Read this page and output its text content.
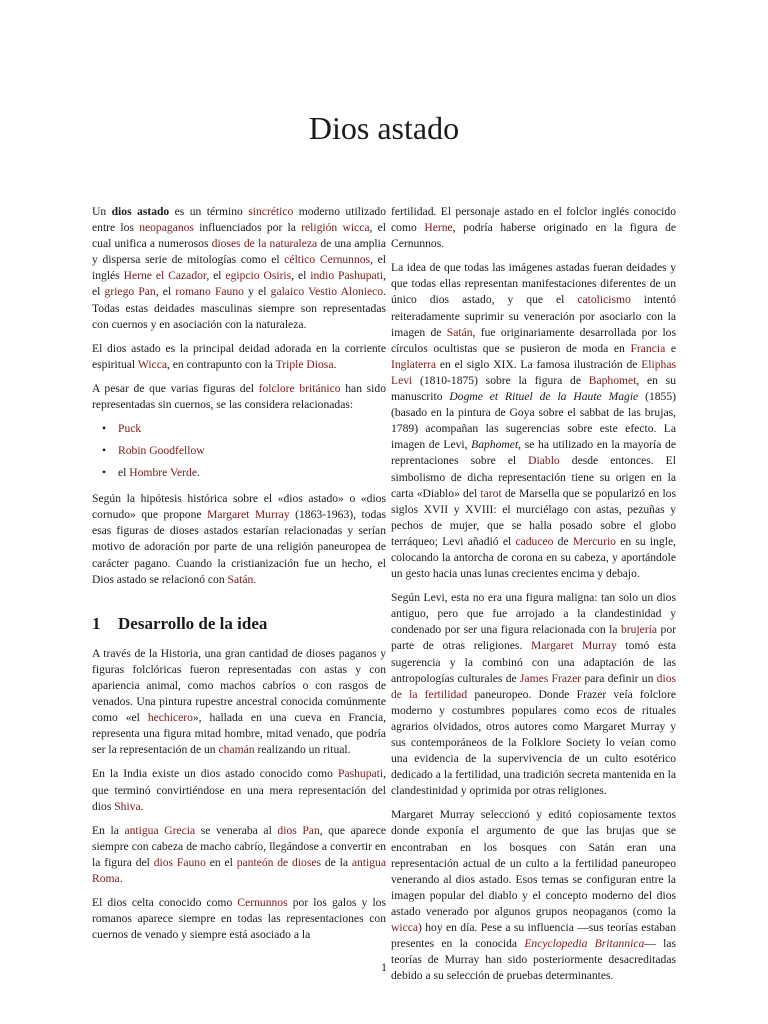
Dios astado

Un dios astado es un término sincrético moderno utilizado entre los neopaganos influenciados por la religión wicca, el cual unifica a numerosos dioses de la naturaleza de una amplia y dispersa serie de mitologías como el céltico Cernunnos, el inglés Herne el Cazador, el egipcio Osiris, el indio Pashupati, el griego Pan, el romano Fauno y el galaico Vestio Alonieco. Todas estas deidades masculinas siempre son representadas con cuernos y en asociación con la naturaleza.

El dios astado es la principal deidad adorada en la corriente espiritual Wicca, en contrapunto con la Triple Diosa.

A pesar de que varias figuras del folclore británico han sido representadas sin cuernos, se las considera relacionadas:

• Puck
• Robin Goodfellow
• el Hombre Verde.

Según la hipótesis histórica sobre el «dios astado» o «dios cornudo» que propone Margaret Murray (1863-1963), todas esas figuras de dioses astados estarían relacionadas y serían motivo de adoración por parte de una religión paneuropea de carácter pagano. Cuando la cristianización fue un hecho, el Dios astado se relacionó con Satán.

1 Desarrollo de la idea

A través de la Historia, una gran cantidad de dioses paganos y figuras folclóricas fueron representadas con astas y con apariencia animal, como machos cabríos o con rasgos de venados. Una pintura rupestre ancestral conocida comúnmente como «el hechicero», hallada en una cueva en Francia, representa una figura mitad hombre, mitad venado, que podría ser la representación de un chamán realizando un ritual.

En la India existe un dios astado conocido como Pashupati, que terminó convirtiéndose en una mera representación del dios Shiva.

En la antigua Grecia se veneraba al dios Pan, que aparece siempre con cabeza de macho cabrío, llegándose a convertir en la figura del dios Fauno en el panteón de dioses de la antigua Roma.

El dios celta conocido como Cernunnos por los galos y los romanos aparece siempre en todas las representaciones con cuernos de venado y siempre está asociado a la

fertilidad. El personaje astado en el folclor inglés conocido como Herne, podría haberse originado en la figura de Cernunnos.

La idea de que todas las imágenes astadas fueran deidades y que todas ellas representan manifestaciones diferentes de un único dios astado, y que el catolicismo intentó reiteradamente suprimir su veneración por asociarlo con la imagen de Satán, fue originariamente desarrollada por los círculos ocultistas que se pusieron de moda en Francia e Inglaterra en el siglo XIX. La famosa ilustración de Eliphas Levi (1810-1875) sobre la figura de Baphomet, en su manuscrito Dogme et Rituel de la Haute Magie (1855) (basado en la pintura de Goya sobre el sabbat de las brujas, 1789) acompañan las sugerencias sobre este efecto. La imagen de Levi, Baphomet, se ha utilizado en la mayoría de reprentaciones sobre el Diablo desde entonces. El simbolismo de dicha representación tiene su origen en la carta «Diablo» del tarot de Marsella que se popularizó en los siglos XVII y XVIII: el murciélago con astas, pezuñas y pechos de mujer, que se halla posado sobre el globo terráqueo; Levi añadió el caduceo de Mercurio en su ingle, colocando la antorcha de corona en su cabeza, y aportándole un gesto hacia unas lunas crecientes encima y debajo.

Según Levi, esta no era una figura maligna: tan solo un dios antiguo, pero que fue arrojado a la clandestinidad y condenado por ser una figura relacionada con la brujería por parte de otras religiones. Margaret Murray tomó esta sugerencia y la combinó con una adaptación de las antropologías culturales de James Frazer para definir un dios de la fertilidad paneuropeo. Donde Frazer veía folclore moderno y costumbres populares como ecos de rituales agrarios olvidados, otros autores como Margaret Murray y sus contemporáneos de la Folklore Society lo veían como una evidencia de la supervivencia de un culto esotérico dedicado a la fertilidad, una tradición secreta mantenida en la clandestinidad y oprimida por otras religiones.

Margaret Murray seleccionó y editó copiosamente textos donde exponía el argumento de que las brujas que se encontraban en los bosques con Satán eran una representación actual de un culto a la fertilidad paneuropeo venerando al dios astado. Esos temas se configuran entre la imagen popular del diablo y el concepto moderno del dios astado venerado por algunos grupos neopaganos (como la wicca) hoy en día. Pese a su influencia —sus teorías estaban presentes en la conocida Encyclopedia Britannica— las teorías de Murray han sido posteriormente desacreditadas debido a su selección de pruebas determinantes.

1
